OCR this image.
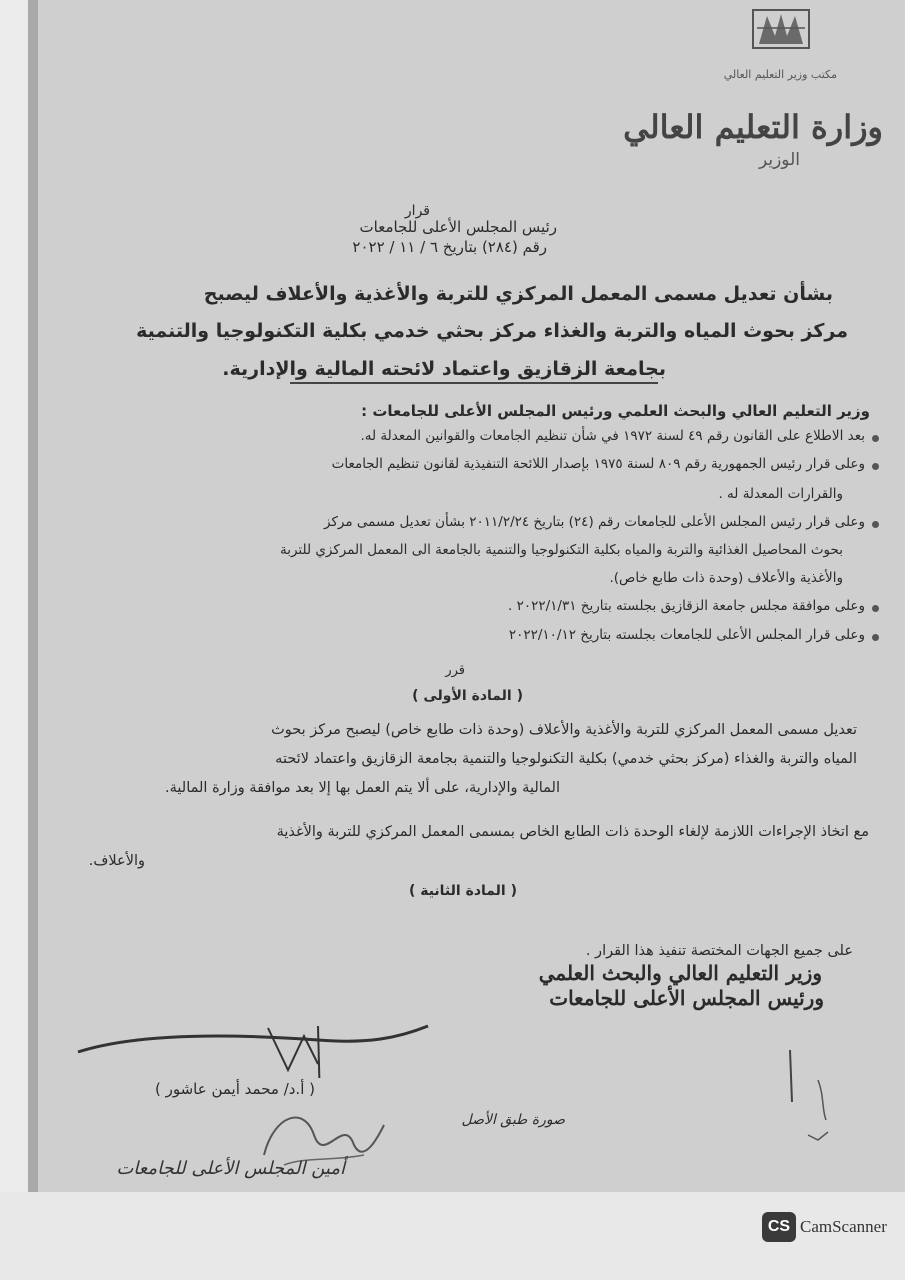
مكتب وزير التعليم العالي
وزارة التعليم العالي
الوزير
قرار
رئيس المجلس الأعلى للجامعات
رقم (٢٨٤) بتاريخ ٦ / ١١ / ٢٠٢٢
بشأن تعديل مسمى المعمل المركزي للتربة والأغذية والأعلاف ليصبح
مركز بحوث المياه والتربة والغذاء مركز بحثي خدمي بكلية التكنولوجيا والتنمية
بجامعة الزقازيق واعتماد لائحته المالية والإدارية.
وزير التعليم العالي والبحث العلمي ورئيس المجلس الأعلى للجامعات :
بعد الاطلاع على القانون رقم ٤٩ لسنة ١٩٧٢ في شأن تنظيم الجامعات والقوانين المعدلة له.
وعلى قرار رئيس الجمهورية رقم ٨٠٩ لسنة ١٩٧٥ بإصدار اللائحة التنفيذية لقانون تنظيم الجامعات
والقرارات المعدلة له .
وعلى قرار رئيس المجلس الأعلى للجامعات رقم (٢٤) بتاريخ ٢٠١١/٢/٢٤ بشأن تعديل مسمى مركز
بحوث المحاصيل الغذائية والتربة والمياه بكلية التكنولوجيا والتنمية بالجامعة الى المعمل المركزي للتربة
والأغذية والأعلاف (وحدة ذات طابع خاص).
وعلى موافقة مجلس جامعة الزقازيق بجلسته بتاريخ ٢٠٢٢/١/٣١ .
وعلى قرار المجلس الأعلى للجامعات بجلسته بتاريخ ٢٠٢٢/١٠/١٢
قرر
( المادة الأولى )
تعديل مسمى المعمل المركزي للتربة والأغذية والأعلاف (وحدة ذات طابع خاص) ليصبح مركز بحوث
المياه والتربة والغذاء (مركز بحثي خدمي) بكلية التكنولوجيا والتنمية بجامعة الزقازيق واعتماد لائحته
المالية والإدارية، على ألا يتم العمل بها إلا بعد موافقة وزارة المالية.
مع اتخاذ الإجراءات اللازمة لإلغاء الوحدة ذات الطابع الخاص بمسمى المعمل المركزي للتربة والأغذية
والأعلاف.
( المادة الثانية )
على جميع الجهات المختصة تنفيذ هذا القرار .
وزير التعليم العالي والبحث العلمي
ورئيس المجلس الأعلى للجامعات
( أ.د/ محمد أيمن عاشور )
صورة طبق الأصل
أمين المجلس الأعلى للجامعات
CS CamScanner
